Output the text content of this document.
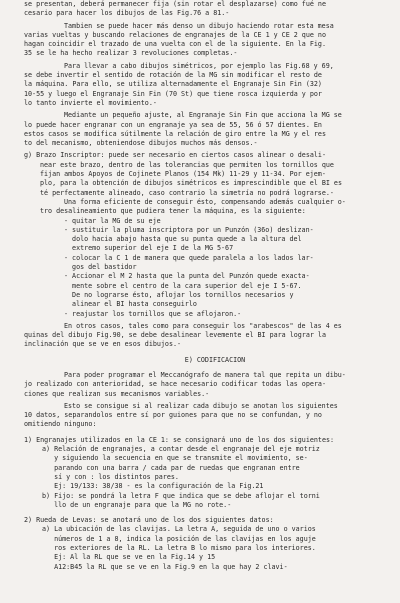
se presentan, deberá permanecer fija (sin rotar el desplazarse) como fué ne
cesario para hacer los dibujos de las Fig.76 a 81.-
Tambien se puede hacer más denso un dibujo haciendo rotar esta mesa
varias vueltas y buscando relaciones de engranajes de la CE 1 y CE 2 que no
hagan coincidir el trazado de una vuelta con el de la siguiente. En la Fig.
35 se le ha hecho realizar 3 revoluciones completas.-
Para llevar a cabo dibujos simétricos, por ejemplo las Fig.68 y 69,
se debe invertir el sentido de rotación de la MG sin modificar el resto de
la máquina. Para ello, se utiliza alternadamente el Engranaje Sin Fin (32)
10-55 y luego el Engranaje Sin Fin (70 St) que tiene rosca izquierda y por
lo tanto invierte el movimiento.-
Mediante un pequeño ajuste, al Engranaje Sin Fin que acciona la MG se
lo puede hacer engranar con un engranaje ya sea de 55, 56 ó 57 dientes. En
estos casos se modifica sútilmente la relación de giro entre la MG y el res
to del mecanismo, obteniendose dibujos muchos más densos.-
g) Brazo Inscriptor: puede ser necesario en ciertos casos alinear o desali-
near este brazo, dentro de las tolerancias que permiten los tornillos que
fijan ambos Apoyos de Cojinete Planos (154 Mk) 11-29 y 11-34. Por ejem-
plo, para la obtención de dibujos simétricos es imprescindible que el BI es
té perfectamente alineado, caso contrario la simetría no podrá lograrse.-
Una forma eficiente de conseguir ésto, compensando además cualquier o-
tro desalineamiento que pudiera tener la máquina, es la siguiente:
- quitar la MG de su eje
- sustituir la pluma inscriptora por un Punzón (36o) deslizan-
dolo hacia abajo hasta que su punta quede a la altura del
extremo superior del eje I de la MG 5-67
- colocar la C 1 de manera que quede paralela a los lados lar-
gos del bastidor
- Accionar el M 2 hasta que la punta del Punzón quede exacta-
mente sobre el centro de la cara superior del eje I 5-67.
De no lograrse ésto, aflojar los tornillos necesarios y
alinear el BI hasta conseguirlo
- reajustar los tornillos que se aflojaron.-
En otros casos, tales como para conseguir los "arabescos" de las 4 es
quinas del dibujo Fig.90, se debe desalinear levemente el BI para lograr la
inclinación que se ve en esos dibujos.-
E) CODIFICACION
Para poder programar el Meccanógrafo de manera tal que repita un dibu-
jo realizado con anterioridad, se hace necesario codificar todas las opera-
ciones que realizan sus mecanismos variables.-
Esto se consigue si al realizar cada dibujo se anotan los siguientes
10 datos, separandolos entre sí por guiones para que no se confundan, y no
omitiendo ninguno:
1) Engranajes utilizados en la CE 1: se consignará uno de los dos siguientes:
a) Relación de engranajes, a contar desde el engranaje del eje motriz
y siguiendo la secuencia en que se transmite el movimiento, se-
parando con una barra / cada par de ruedas que engranan entre
sí y con : los distintos pares.
Ej: 19/133: 38/38 - es la configuración de la Fig.21
b) Fijo: se pondrá la letra F que indica que se debe aflojar el torni
llo de un engranaje para que la MG no rote.-
2) Rueda de Levas: se anotará uno de los dos siguientes datos:
a) La ubicación de las clavijas. La letra A, seguida de uno o varios
números de 1 a 8, indica la posición de las clavijas en los aguje
ros exteriores de la RL. La letra B lo mismo para los interiores.
Ej: Al la RL que se ve en la Fig.14 y 15
A12:B45 la RL que se ve en la Fig.9 en la que hay 2 clavi-
